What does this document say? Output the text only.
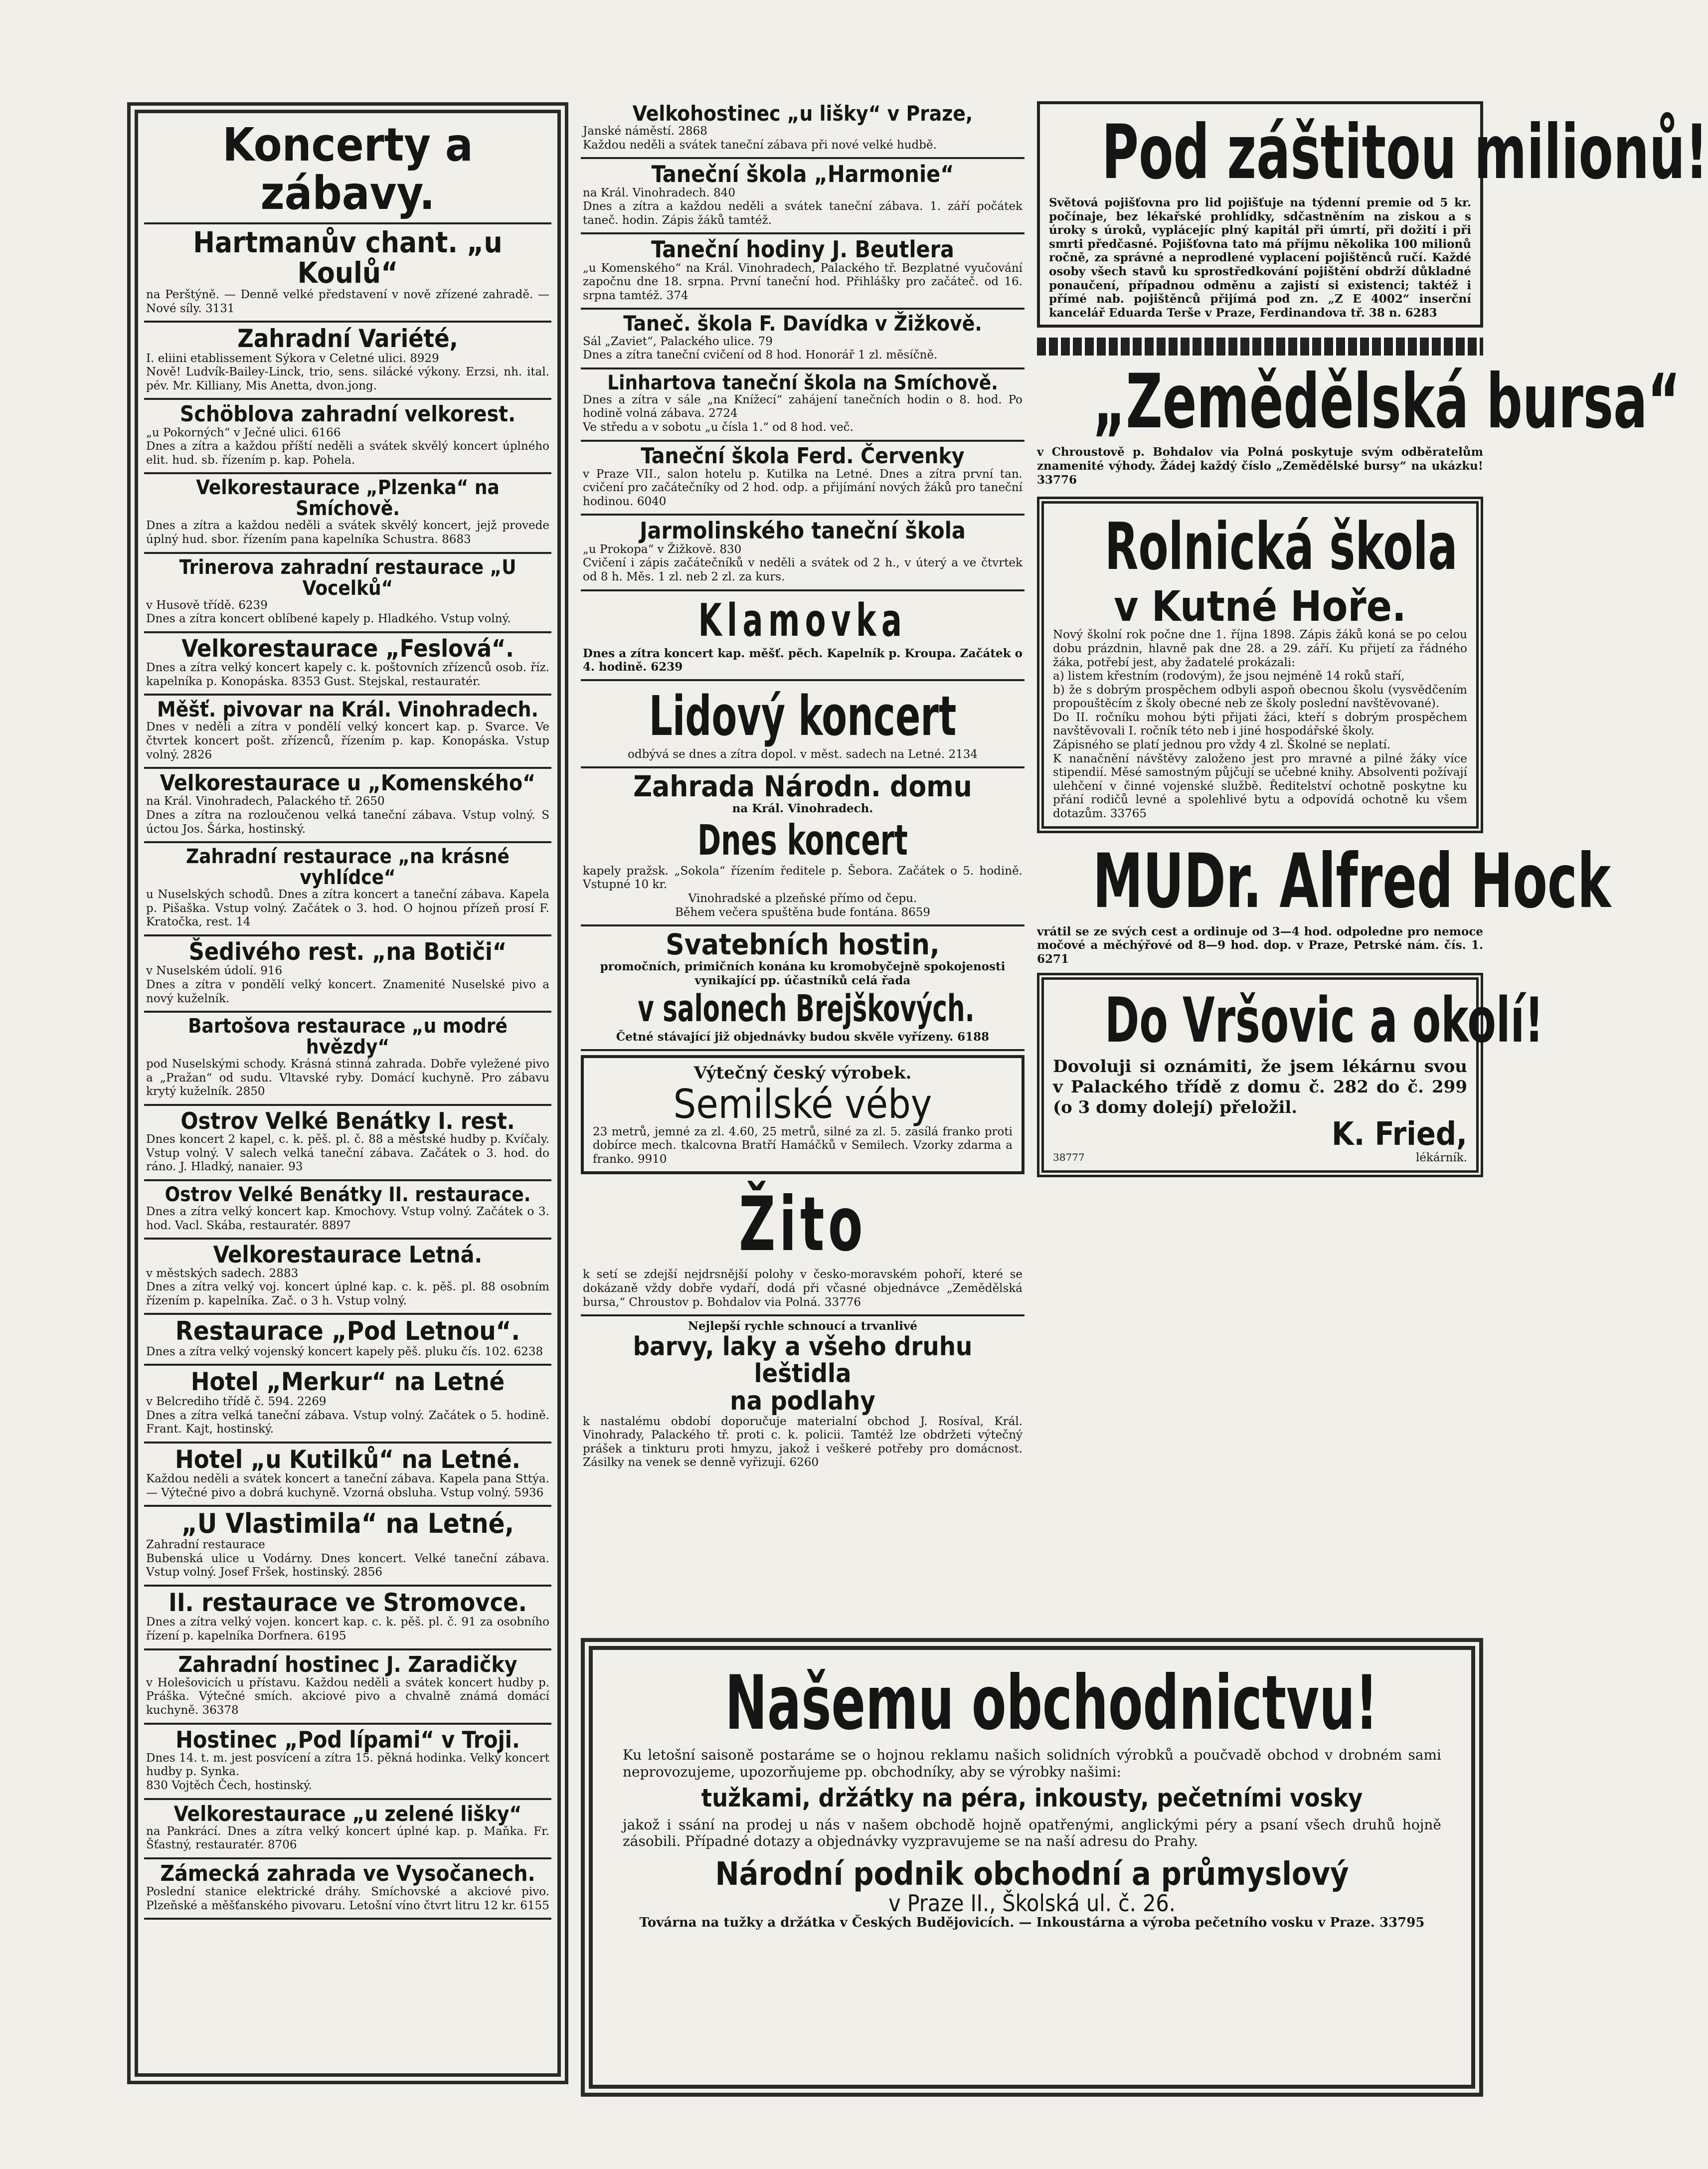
Koncerty a zábavy.

Hartmanův chant. „u Koulů“

na Perštýně. — Denně velké představení v nově zřízené zahradě. — Nové síly. 3131

Zahradní Variété,

I. eliini etablissement Sýkora v Celetné ulici. 8929

Nově! Ludvík-Bailey-Linck, trio, sens. silácké výkony. Erzsi, nh. ital. pév. Mr. Killiany, Mis Anetta, dvon.jong.

Schöblova zahradní velkorest.

„u Pokorných“ v Ječné ulici. 6166

Dnes a zítra a každou příští neděli a svátek skvělý koncert úplného elit. hud. sb. řízením p. kap. Pohela.

Velkorestaurace „Plzenka“ na Smíchově.

Dnes a zítra a každou neděli a svátek skvělý koncert, jejž provede úplný hud. sbor. řízením pana kapelníka Schustra. 8683

Trinerova zahradní restaurace „U Vocelků“

v Husově třídě. 6239

Dnes a zítra koncert oblíbené kapely p. Hladkého. Vstup volný.

Velkorestaurace „Feslová“.

Dnes a zítra velký koncert kapely c. k. poštovních zřízenců osob. říz. kapelníka p. Konopáska. 8353 Gust. Stejskal, restauratér.

Měšť. pivovar na Král. Vinohradech.

Dnes v neděli a zítra v pondělí velký koncert kap. p. Svarce. Ve čtvrtek koncert pošt. zřízenců, řízením p. kap. Konopáska. Vstup volný. 2826

Velkorestaurace u „Komenského“

na Král. Vinohradech, Palackého tř. 2650

Dnes a zítra na rozloučenou velká taneční zábava. Vstup volný. S úctou Jos. Šárka, hostinský.

Zahradní restaurace „na krásné vyhlídce“

u Nuselských schodů. Dnes a zítra koncert a taneční zábava. Kapela p. Pišaška. Vstup volný. Začátek o 3. hod. O hojnou přízeň prosí F. Kratočka, rest. 14

Šedivého rest. „na Botiči“

v Nuselském údolí. 916

Dnes a zítra v pondělí velký koncert. Znamenité Nuselské pivo a nový kuželník.

Bartošova restaurace „u modré hvězdy“

pod Nuselskými schody. Krásná stinná zahrada. Dobře vyležené pivo a „Pražan“ od sudu. Vltavské ryby. Domácí kuchyně. Pro zábavu krytý kuželník. 2850

Ostrov Velké Benátky I. rest.

Dnes koncert 2 kapel, c. k. pěš. pl. č. 88 a městské hudby p. Kvíčaly. Vstup volný. V salech velká taneční zábava. Začátek o 3. hod. do ráno. J. Hladký, nanaier. 93

Ostrov Velké Benátky II. restaurace.

Dnes a zítra velký koncert kap. Kmochovy. Vstup volný. Začátek o 3. hod. Vacl. Skába, restauratér. 8897

Velkorestaurace Letná.

v městských sadech. 2883

Dnes a zítra velký voj. koncert úplné kap. c. k. pěš. pl. 88 osobním řízením p. kapelníka. Zač. o 3 h. Vstup volný.

Restaurace „Pod Letnou“.

Dnes a zítra velký vojenský koncert kapely pěš. pluku čís. 102. 6238

Hotel „Merkur“ na Letné

v Belcrediho třídě č. 594. 2269

Dnes a zítra velká taneční zábava. Vstup volný. Začátek o 5. hodině. Frant. Kajt, hostinský.

Hotel „u Kutilků“ na Letné.

Každou neděli a svátek koncert a taneční zábava. Kapela pana Sttýa. — Výtečné pivo a dobrá kuchyně. Vzorná obsluha. Vstup volný. 5936

„U Vlastimila“ na Letné,

Zahradní restaurace

Bubenská ulice u Vodárny. Dnes koncert. Velké taneční zábava. Vstup volný. Josef Fršek, hostinský. 2856

II. restaurace ve Stromovce.

Dnes a zítra velký vojen. koncert kap. c. k. pěš. pl. č. 91 za osobního řízení p. kapelníka Dorfnera. 6195

Zahradní hostinec J. Zaradičky

v Holešovicích u přístavu. Každou neděli a svátek koncert hudby p. Práška. Výtečné smích. akciové pivo a chvalně známá domácí kuchyně. 36378

Hostinec „Pod lípami“ v Troji.

Dnes 14. t. m. jest posvícení a zítra 15. pěkná hodinka. Velký koncert hudby p. Synka.

830 Vojtěch Čech, hostinský.

Velkorestaurace „u zelené lišky“

na Pankrácí. Dnes a zítra velký koncert úplné kap. p. Maňka. Fr. Šťastný, restauratér. 8706

Zámecká zahrada ve Vysočanech.

Poslední stanice elektrické dráhy. Smíchovské a akciové pivo. Plzeňské a měšťanského pivovaru. Letošní víno čtvrt litru 12 kr. 6155

Velkohostinec „u lišky“ v Praze,

Janské náměstí. 2868

Každou neděli a svátek taneční zábava při nové velké hudbě.

Taneční škola „Harmonie“

na Král. Vinohradech. 840

Dnes a zítra a každou neděli a svátek taneční zábava. 1. září počátek taneč. hodin. Zápis žáků tamtéž.

Taneční hodiny J. Beutlera

„u Komenského“ na Král. Vinohradech, Palackého tř. Bezplatné vyučování započnu dne 18. srpna. První taneční hod. Přihlášky pro začáteč. od 16. srpna tamtéž. 374

Taneč. škola F. Davídka v Žižkově.

Sál „Zaviet“, Palackého ulice. 79

Dnes a zítra taneční cvičení od 8 hod. Honorář 1 zl. měsíčně.

Linhartova taneční škola na Smíchově.

Dnes a zítra v sále „na Knížecí“ zahájení tanečních hodin o 8. hod. Po hodině volná zábava. 2724

Ve středu a v sobotu „u čísla 1.“ od 8 hod. več.

Taneční škola Ferd. Červenky

v Praze VII., salon hotelu p. Kutilka na Letné. Dnes a zítra první tan. cvičení pro začátečníky od 2 hod. odp. a přijímání nových žáků pro taneční hodinou. 6040

Jarmolinského taneční škola

„u Prokopa“ v Žižkově. 830

Cvičení i zápis začátečníků v neděli a svátek od 2 h., v úterý a ve čtvrtek od 8 h. Měs. 1 zl. neb 2 zl. za kurs.

Klamovka

Dnes a zítra koncert kap. měšť. pěch. Kapelník p. Kroupa. Začátek o 4. hodině. 6239

Lidový koncert

odbývá se dnes a zítra dopol. v měst. sadech na Letné. 2134

Zahrada Národn. domu

na Král. Vinohradech.

Dnes koncert

kapely pražsk. „Sokola“ řízením ředitele p. Šebora. Začátek o 5. hodině. Vstupné 10 kr.

Vinohradské a plzeňské přímo od čepu.

Během večera spuštěna bude fontána. 8659

Svatebních hostin,

promočních, primičních konána ku kromobyčejně spokojenosti vynikající pp. účastníků celá řada

v salonech Brejškových.

Četné stávající již objednávky budou skvěle vyřízeny. 6188

Výtečný český výrobek.

Semilské véby

23 metrů, jemné za zl. 4.60, 25 metrů, silné za zl. 5. zasílá franko proti dobírce mech. tkalcovna Bratří Hamáčků v Semilech. Vzorky zdarma a franko. 9910

Žito

k setí se zdejší nejdrsnější polohy v česko-moravském pohoří, které se dokázaně vždy dobře vydaří, dodá při včasné objednávce „Zemědělská bursa,“ Chroustov p. Bohdalov via Polná. 33776

Nejlepší rychle schnoucí a trvanlivé

barvy, laky a všeho druhu leštidla

na podlahy

k nastalému období doporučuje materialní obchod J. Rosíval, Král. Vinohrady, Palackého tř. proti c. k. policii. Tamtéž lze obdržeti výtečný prášek a tinkturu proti hmyzu, jakož i veškeré potřeby pro domácnost. Zásilky na venek se denně vyřizují. 6260

Pod záštitou milionů!

Světová pojišťovna pro lid pojišťuje na týdenní premie od 5 kr. počínaje, bez lékařské prohlídky, sdčastněním na ziskou a s úroky s úroků, vyplácejíc plný kapitál při úmrtí, při dožití i při smrti předčasné. Pojišťovna tato má příjmu několika 100 milionů ročně, za správné a neprodlené vyplacení pojištěnců ručí. Každé osoby všech stavů ku sprostředkování pojištění obdrží důkladné ponaučení, případnou odměnu a zajistí si existenci; taktéž i přímé nab. pojištěnců přijímá pod zn. „Z E 4002“ inserční kancelář Eduarda Terše v Praze, Ferdinandova tř. 38 n. 6283

„Zemědělská bursa“

v Chroustově p. Bohdalov via Polná poskytuje svým odběratelům znamenité výhody. Žádej každý číslo „Zemědělské bursy“ na ukázku! 33776

Rolnická škola

v Kutné Hoře.

Nový školní rok počne dne 1. října 1898. Zápis žáků koná se po celou dobu prázdnin, hlavně pak dne 28. a 29. září. Ku přijetí za řádného žáka, potřebí jest, aby žadatelé prokázali:

a) listem křestním (rodovým), že jsou nejméně 14 roků staří,

b) že s dobrým prospěchem odbyli aspoň obecnou školu (vysvědčením propouštěcím z školy obecné neb ze školy poslední navštěvované).

Do II. ročníku mohou býti přijati žáci, kteří s dobrým prospěchem navštěvovali I. ročník této neb i jiné hospodářské školy.

Zápisného se platí jednou pro vždy 4 zl. Školné se neplatí.

K nanačnění návštěvy založeno jest pro mravné a pilné žáky více stipendií. Měsé samostným půjčují se učebné knihy. Absolventi požívají ulehčení v činné vojenské službě. Ředitelství ochotně poskytne ku přání rodičů levné a spolehlivé bytu a odpovídá ochotně ku všem dotazům. 33765

MUDr. Alfred Hock

vrátil se ze svých cest a ordinuje od 3—4 hod. odpoledne pro nemoce močové a měchýřové od 8—9 hod. dop. v Praze, Petrské nám. čís. 1. 6271

Do Vršovic a okolí!

Dovoluji si oznámiti, že jsem lékárnu svou v Palackého třídě z domu č. 282 do č. 299 (o 3 domy dolejí) přeložil.

K. Fried,

38777	lékárník.

Našemu obchodnictvu!

Ku letošní saisoně postaráme se o hojnou reklamu našich solidních výrobků a poučvadě obchod v drobném sami neprovozujeme, upozorňujeme pp. obchodníky, aby se výrobky našimi:

tužkami, držátky na péra, inkousty, pečetními vosky

jakož i ssání na prodej u nás v našem obchodě hojně opatřenými, anglickými péry a psaní všech druhů hojně zásobili. Případné dotazy a objednávky vyzpravujeme se na naší adresu do Prahy.

Národní podnik obchodní a průmyslový

v Praze II., Školská ul. č. 26.

Továrna na tužky a držátka v Českých Budějovicích. — Inkoustárna a výroba pečetního vosku v Praze. 33795
